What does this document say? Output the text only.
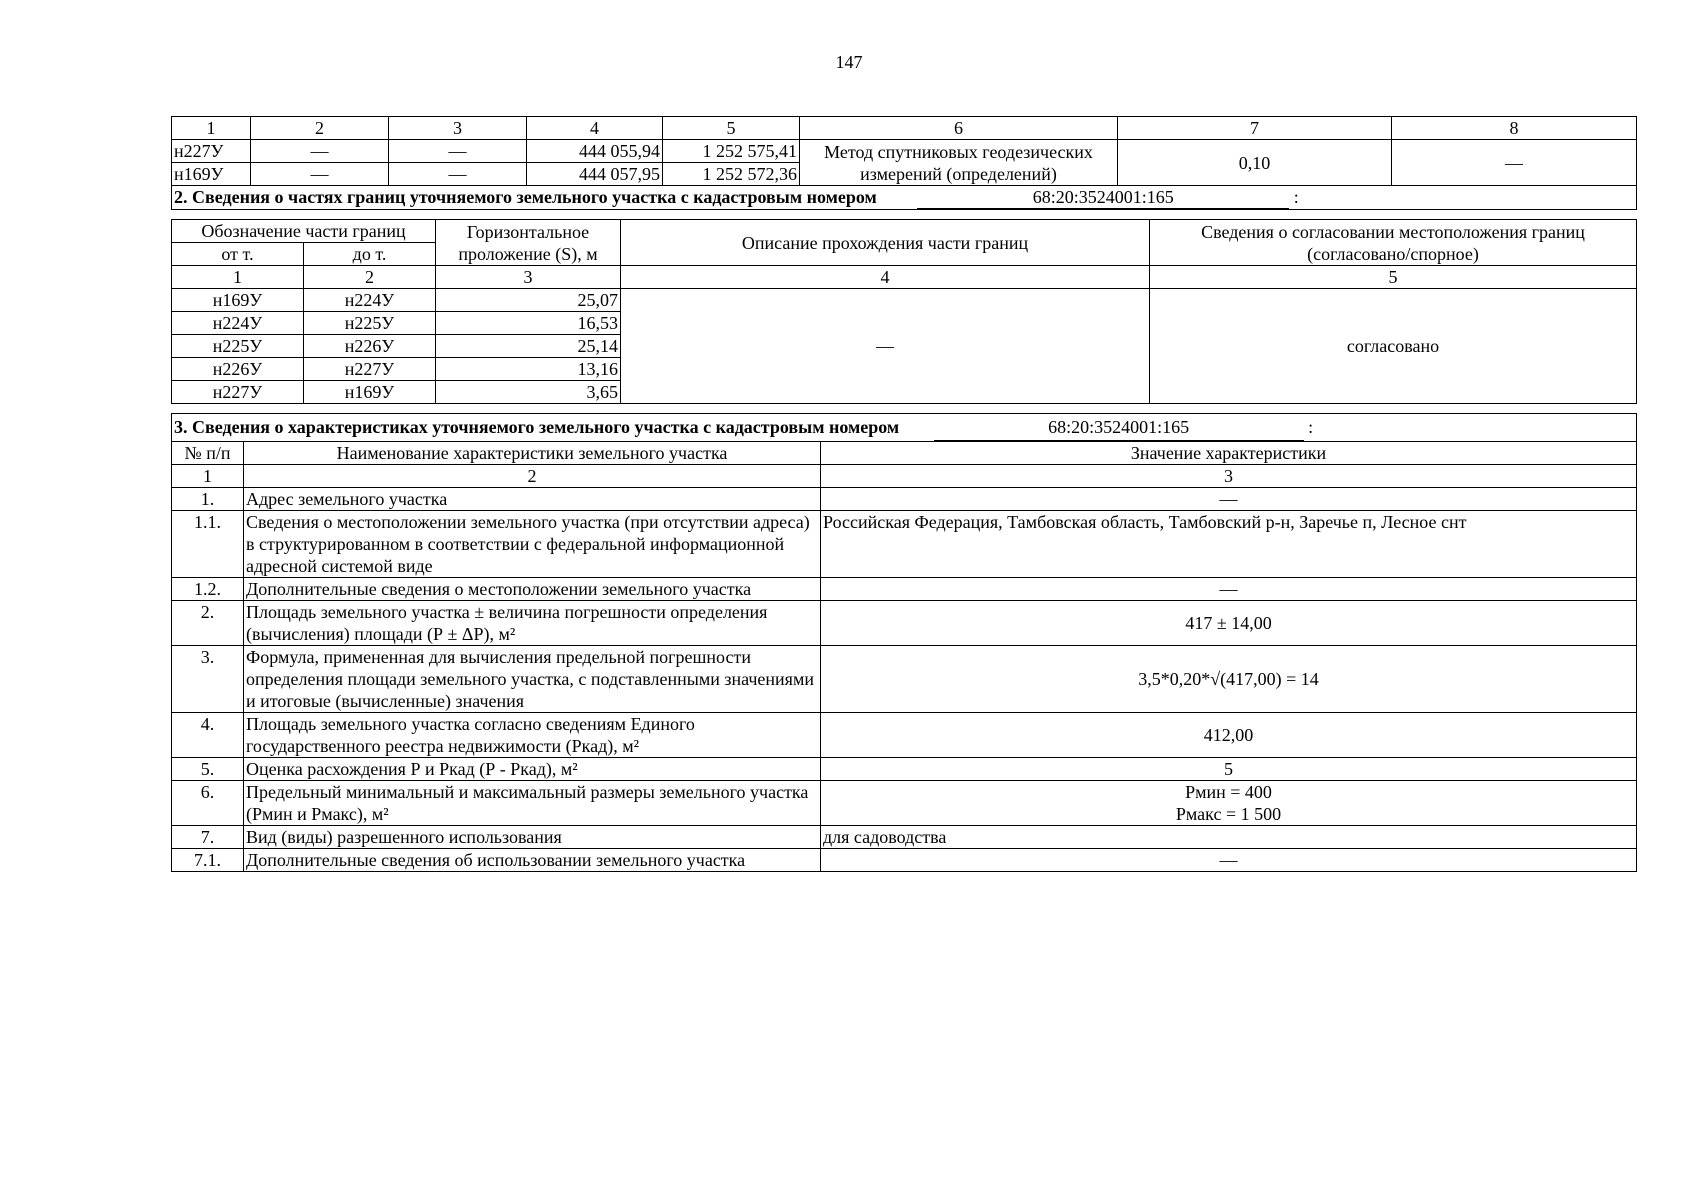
147
1	2	3	4	5	6	7	8
н227У	—	—	444 055,94	1 252 575,41	Метод спутниковых геодезических измерений (определений)	0,10	—
н169У	—	—	444 057,95	1 252 572,36			
2. Сведения о частях границ уточняемого земельного участка с кадастровым номером 68:20:3524001:165 :							
Обозначение части границ		Горизонтальное проложение (S), м	Описание прохождения части границ	Сведения о согласовании местоположения границ (согласовано/спорное)
от т.	до т.			
1	2	3	4	5
н169У	н224У	25,07	—	согласовано
н224У	н225У	16,53		
н225У	н226У	25,14		
н226У	н227У	13,16		
н227У	н169У	3,65		
3. Сведения о характеристиках уточняемого земельного участка с кадастровым номером 68:20:3524001:165 :		
№ п/п	Наименование характеристики земельного участка	Значение характеристики
1	2	3
1.	Адрес земельного участка	—
1.1.	Сведения о местоположении земельного участка (при отсутствии адреса) в структурированном в соответствии с федеральной информационной адресной системой виде	Российская Федерация, Тамбовская область, Тамбовский р-н, Заречье п, Лесное снт
1.2.	Дополнительные сведения о местоположении земельного участка	—
2.	Площадь земельного участка ± величина погрешности определения (вычисления) площади (Р ± ΔР), м²	417 ± 14,00
3.	Формула, примененная для вычисления предельной погрешности определения площади земельного участка, с подставленными значениями и итоговые (вычисленные) значения	3,5*0,20*√(417,00) = 14
4.	Площадь земельного участка согласно сведениям Единого государственного реестра недвижимости (Ркад), м²	412,00
5.	Оценка расхождения Р и Ркад (Р - Ркад), м²	5
6.	Предельный минимальный и максимальный размеры земельного участка (Рмин и Рмакс), м²	Рмин = 400
Рмакс = 1 500

7.	Вид (виды) разрешенного использования	для садоводства
7.1.	Дополнительные сведения об использовании земельного участка	—
